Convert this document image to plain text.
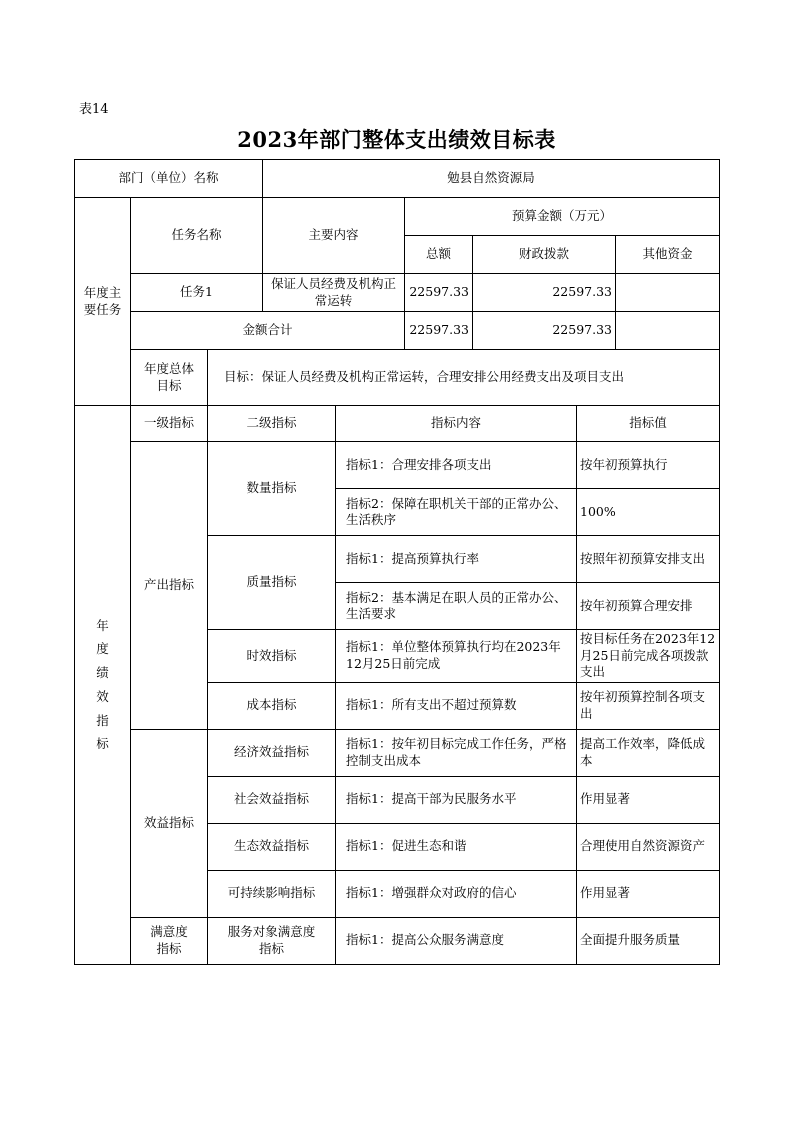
表14
2023年部门整体支出绩效目标表
部门（单位）名称			勉县自然资源局					
年度主要任务	任务名称		主要内容		预算金额（万元）			
					总额	财政拨款		其他资金
	任务1		保证人员经费及机构正常运转		22597.33	22597.33		
	金额合计				22597.33	22597.33		
	年度总体目标	目标：保证人员经费及机构正常运转，合理安排公用经费支出及项目支出						
年度绩效指标	一级指标	二级指标		指标内容			指标值	
	产出指标	数量指标		指标1：合理安排各项支出			按年初预算执行	
				指标2：保障在职机关干部的正常办公、生活秩序			100%	
		质量指标		指标1：提高预算执行率			按照年初预算安排支出	
				指标2：基本满足在职人员的正常办公、生活要求			按年初预算合理安排	
		时效指标		指标1：单位整体预算执行均在2023年12月25日前完成			按目标任务在2023年12月25日前完成各项拨款支出	
		成本指标		指标1：所有支出不超过预算数			按年初预算控制各项支出	
	效益指标	经济效益指标		指标1：按年初目标完成工作任务，严格控制支出成本			提高工作效率，降低成本	
		社会效益指标		指标1：提高干部为民服务水平			作用显著	
		生态效益指标		指标1：促进生态和谐			合理使用自然资源资产	
		可持续影响指标		指标1：增强群众对政府的信心			作用显著	
	满意度指标	服务对象满意度指标		指标1：提高公众服务满意度			全面提升服务质量	
